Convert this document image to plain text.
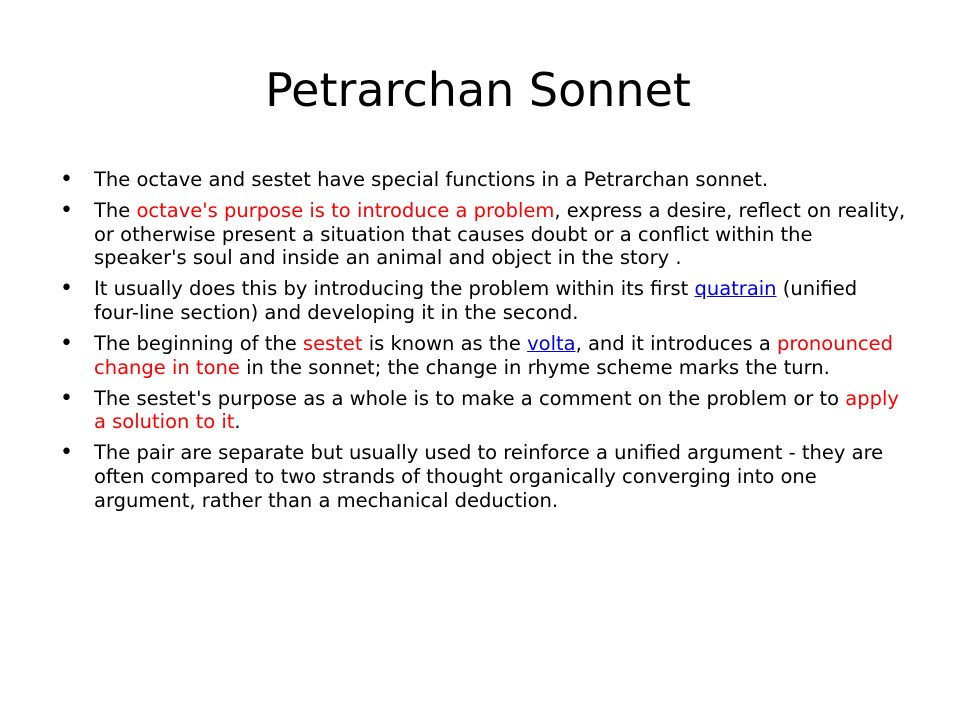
Petrarchan Sonnet
•	The octave and sestet have special functions in a Petrarchan sonnet.
•	The octave's purpose is to introduce a problem, express a desire, reflect on reality, or otherwise present a situation that causes doubt or a conflict within the speaker's soul and inside an animal and object in the story .
•	It usually does this by introducing the problem within its first quatrain (unified four-line section) and developing it in the second.
•	The beginning of the sestet is known as the volta, and it introduces a pronounced change in tone in the sonnet; the change in rhyme scheme marks the turn.
•	The sestet's purpose as a whole is to make a comment on the problem or to apply a solution to it.
•	The pair are separate but usually used to reinforce a unified argument - they are often compared to two strands of thought organically converging into one argument, rather than a mechanical deduction.
